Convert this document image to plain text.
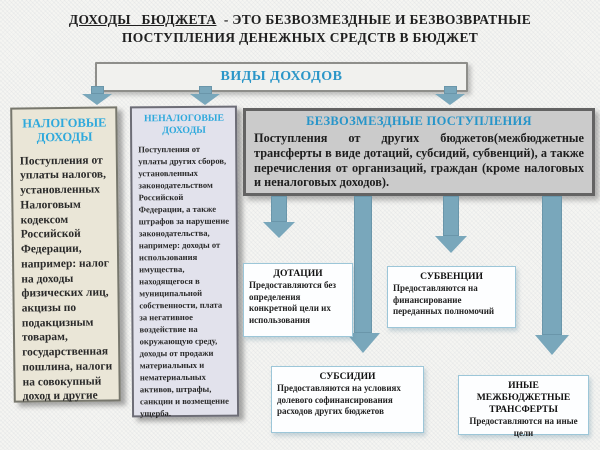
ДОХОДЫ БЮДЖЕТА - ЭТО БЕЗВОЗМЕЗДНЫЕ И БЕЗВОЗВРАТНЫЕ
ПОСТУПЛЕНИЯ ДЕНЕЖНЫХ СРЕДСТВ В БЮДЖЕТ
ВИДЫ ДОХОДОВ
НАЛОГОВЫЕ ДОХОДЫ
Поступления от уплаты налогов, установленных Налоговым кодексом Российской Федерации, например: налог на доходы физических лиц, акцизы по подакцизным товарам, государственная пошлина, налоги на совокупный доход и другие
НЕНАЛОГОВЫЕ ДОХОДЫ
Поступления от уплаты других сборов, установленных законодательством Российской Федерации, а также штрафов за нарушение законодательства, например: доходы от использования имущества, находящегося в муниципальной собственности, плата за негативное воздействие на окружающую среду, доходы от продажи материальных и нематериальных активов, штрафы, санкции и возмещение ущерба.
БЕЗВОЗМЕЗДНЫЕ ПОСТУПЛЕНИЯ
Поступления от других бюджетов(межбюджетные трансферты в виде дотаций, субсидий, субвенций), а также перечисления от организаций, граждан (кроме налоговых и неналоговых доходов).
ДОТАЦИИ
Предоставляются без определения конкретной цели их использования
СУБВЕНЦИИ
Предоставляются на финансирование переданных полномочий
СУБСИДИИ
Предоставляются на условиях долевого софинансирования расходов других бюджетов
ИНЫЕ МЕЖБЮДЖЕТНЫЕ ТРАНСФЕРТЫ
Предоставляются на иные цели
